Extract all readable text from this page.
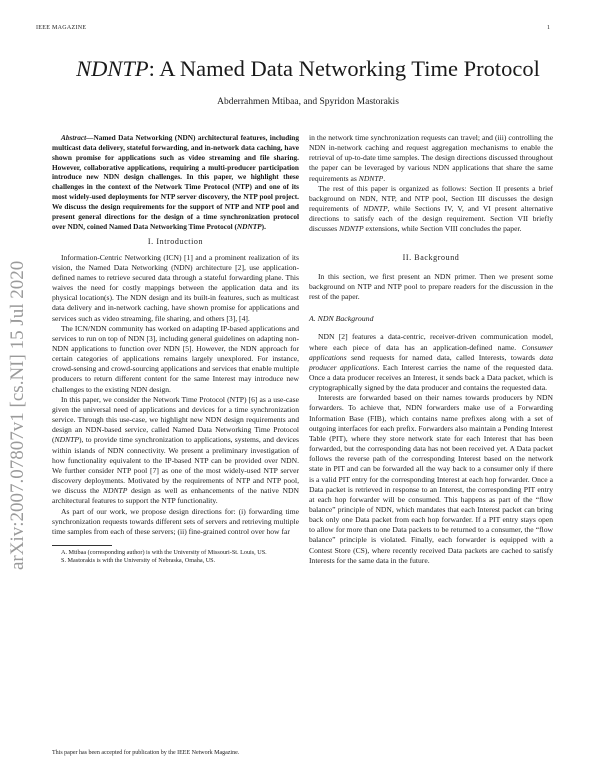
IEEE MAGAZINE	1
NDNTP: A Named Data Networking Time Protocol
Abderrahmen Mtibaa, and Spyridon Mastorakis
arXiv:2007.07807v1 [cs.NI] 15 Jul 2020

Abstract—Named Data Networking (NDN) architectural features, including multicast data delivery, stateful forwarding, and in-network data caching, have shown promise for applications such as video streaming and file sharing. However, collaborative applications, requiring a multi-producer participation introduce new NDN design challenges. In this paper, we highlight these challenges in the context of the Network Time Protocol (NTP) and one of its most widely-used deployments for NTP server discovery, the NTP pool project. We discuss the design requirements for the support of NTP and NTP pool and present general directions for the design of a time synchronization protocol over NDN, coined Named Data Networking Time Protocol (NDNTP).

I. Introduction

Information-Centric Networking (ICN) [1] and a prominent realization of its vision, the Named Data Networking (NDN) architecture [2], use application-defined names to retrieve secured data through a stateful forwarding plane. This waives the need for costly mappings between the application data and its physical location(s). The NDN design and its built-in features, such as multicast data delivery and in-network caching, have shown promise for applications and services such as video streaming, file sharing, and others [3], [4].

The ICN/NDN community has worked on adapting IP-based applications and services to run on top of NDN [3], including general guidelines on adapting non-NDN applications to function over NDN [5]. However, the NDN approach for certain categories of applications remains largely unexplored. For instance, crowd-sensing and crowd-sourcing applications and services that enable multiple producers to return different content for the same Interest may introduce new challenges to the existing NDN design.

In this paper, we consider the Network Time Protocol (NTP) [6] as a use-case given the universal need of applications and devices for a time synchronization service. Through this use-case, we highlight new NDN design requirements and design an NDN-based service, called Named Data Networking Time Protocol (NDNTP), to provide time synchronization to applications, systems, and devices within islands of NDN connectivity. We present a preliminary investigation of how functionality equivalent to the IP-based NTP can be provided over NDN. We further consider NTP pool [7] as one of the most widely-used NTP server discovery deployments. Motivated by the requirements of NTP and NTP pool, we discuss the NDNTP design as well as enhancements of the native NDN architectural features to support the NTP functionality.

As part of our work, we propose design directions for: (i) forwarding time synchronization requests towards different sets of servers and retrieving multiple time samples from each of these servers; (ii) fine-grained control over how far

A. Mtibaa (corresponding author) is with the University of Missouri-St. Louis, US.

S. Mastorakis is with the University of Nebraska, Omaha, US.

in the network time synchronization requests can travel; and (iii) controlling the NDN in-network caching and request aggregation mechanisms to enable the retrieval of up-to-date time samples. The design directions discussed throughout the paper can be leveraged by various NDN applications that share the same requirements as NDNTP.

The rest of this paper is organized as follows: Section II presents a brief background on NDN, NTP, and NTP pool, Section III discusses the design requirements of NDNTP, while Sections IV, V, and VI present alternative directions to satisfy each of the design requirement. Section VII briefly discusses NDNTP extensions, while Section VIII concludes the paper.

II. Background

In this section, we first present an NDN primer. Then we present some background on NTP and NTP pool to prepare readers for the discussion in the rest of the paper.

A. NDN Background

NDN [2] features a data-centric, receiver-driven communication model, where each piece of data has an application-defined name. Consumer applications send requests for named data, called Interests, towards data producer applications. Each Interest carries the name of the requested data. Once a data producer receives an Interest, it sends back a Data packet, which is cryptographically signed by the data producer and contains the requested data.

Interests are forwarded based on their names towards producers by NDN forwarders. To achieve that, NDN forwarders make use of a Forwarding Information Base (FIB), which contains name prefixes along with a set of outgoing interfaces for each prefix. Forwarders also maintain a Pending Interest Table (PIT), where they store network state for each Interest that has been forwarded, but the corresponding data has not been received yet. A Data packet follows the reverse path of the corresponding Interest based on the network state in PIT and can be forwarded all the way back to a consumer only if there is a valid PIT entry for the corresponding Interest at each hop forwarder. Once a Data packet is retrieved in response to an Interest, the corresponding PIT entry at each hop forwarder will be consumed. This happens as part of the “flow balance” principle of NDN, which mandates that each Interest packet can bring back only one Data packet from each hop forwarder. If a PIT entry stays open to allow for more than one Data packets to be returned to a consumer, the “flow balance” principle is violated. Finally, each forwarder is equipped with a Contest Store (CS), where recently received Data packets are cached to satisfy Interests for the same data in the future.

This paper has been accepted for publication by the IEEE Network Magazine.
